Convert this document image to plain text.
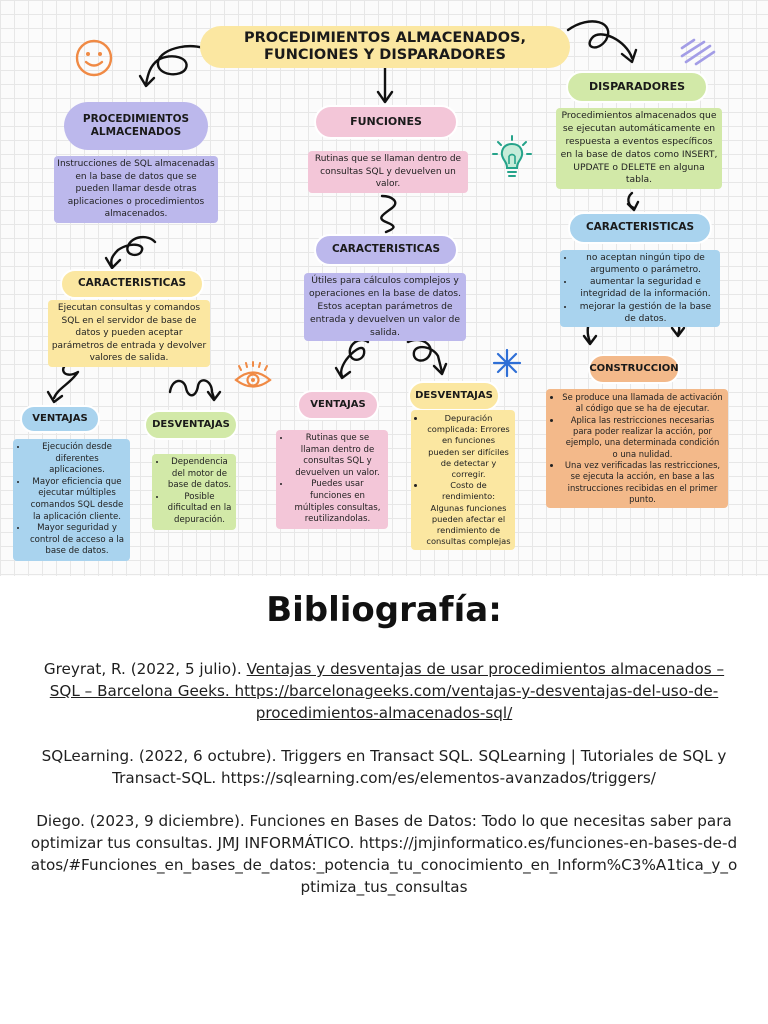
PROCEDIMIENTOS ALMACENADOS,
FUNCIONES Y DISPARADORES
PROCEDIMIENTOS
ALMACENADOS
Instrucciones de SQL almacenadas en la base de datos que se pueden llamar desde otras aplicaciones o procedimientos almacenados.
CARACTERISTICAS
Ejecutan consultas y comandos SQL en el servidor de base de datos y pueden aceptar parámetros de entrada y devolver valores de salida.
VENTAJAS
• Ejecución desde diferentes aplicaciones.
• Mayor eficiencia que ejecutar múltiples comandos SQL desde la aplicación cliente.
• Mayor seguridad y control de acceso a la base de datos.
DESVENTAJAS
• Dependencia del motor de base de datos.
• Posible dificultad en la depuración.
FUNCIONES
Rutinas que se llaman dentro de consultas SQL y devuelven un valor.
CARACTERISTICAS
Útiles para cálculos complejos y operaciones en la base de datos. Estos aceptan parámetros de entrada y devuelven un valor de salida.
VENTAJAS
• Rutinas que se llaman dentro de consultas SQL y devuelven un valor.
• Puedes usar funciones en múltiples consultas, reutilizandolas.
DESVENTAJAS
• Depuración complicada: Errores en funciones pueden ser difíciles de detectar y corregir.
• Costo de rendimiento: Algunas funciones pueden afectar el rendimiento de consultas complejas
DISPARADORES
Procedimientos almacenados que se ejecutan automáticamente en respuesta a eventos específicos en la base de datos como INSERT, UPDATE o DELETE en alguna tabla.
CARACTERISTICAS
• no aceptan ningún tipo de argumento o parámetro.
• aumentar la seguridad e integridad de la información.
• mejorar la gestión de la base de datos.
CONSTRUCCION
• Se produce una llamada de activación al código que se ha de ejecutar.
• Aplica las restricciones necesarias para poder realizar la acción, por ejemplo, una determinada condición o una nulidad.
• Una vez verificadas las restricciones, se ejecuta la acción, en base a las instrucciones recibidas en el primer punto.
Bibliografía:
Greyrat, R. (2022, 5 julio). Ventajas y desventajas de usar procedimientos almacenados – SQL – Barcelona Geeks. https://barcelonageeks.com/ventajas-y-desventajas-del-uso-de-procedimientos-almacenados-sql/
SQLearning. (2022, 6 octubre). Triggers en Transact SQL. SQLearning | Tutoriales de SQL y Transact-SQL. https://sqlearning.com/es/elementos-avanzados/triggers/
Diego. (2023, 9 diciembre). Funciones en Bases de Datos: Todo lo que necesitas saber para optimizar tus consultas. JMJ INFORMÁTICO. https://jmjinformatico.es/funciones-en-bases-de-datos/#Funciones_en_bases_de_datos:_potencia_tu_conocimiento_en_Inform%C3%A1tica_y_optimiza_tus_consultas
